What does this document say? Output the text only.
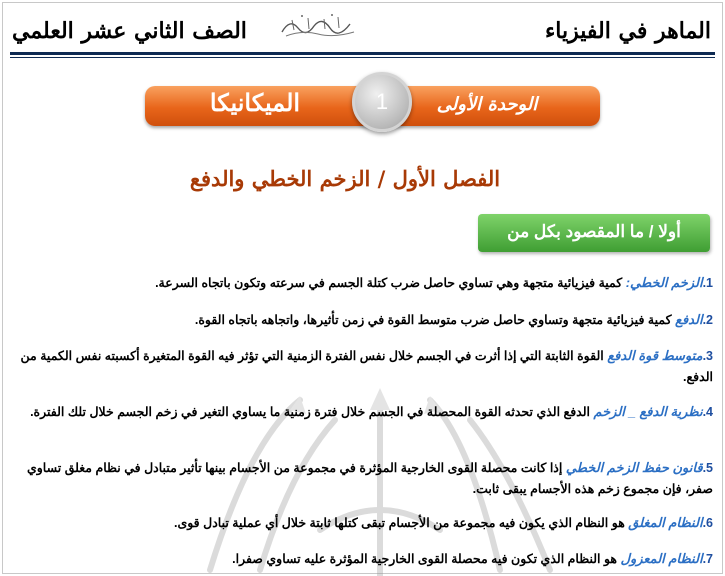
الماهر في الفيزياء
الصف الثاني عشر العلمي
الميكانيكا	1	الوحدة الأولى
الفصل الأول / الزخم الخطي والدفع
أولا / ما المقصود بكل من
1.الزخم الخطي: كمية فيزيائية متجهة وهي تساوي حاصل ضرب كتلة الجسم في سرعته وتكون باتجاه السرعة.
2.الدفع كمية فيزيائية متجهة وتساوي حاصل ضرب متوسط القوة في زمن تأثيرها، واتجاهه باتجاه القوة.
3.متوسط قوة الدفع القوة الثابتة التي إذا أثرت في الجسم خلال نفس الفترة الزمنية التي تؤثر فيه القوة المتغيرة أكسبته نفس الكمية من الدفع.
4.نظرية الدفع _ الزخم الدفع الذي تحدثه القوة المحصلة في الجسم خلال فترة زمنية ما يساوي التغير في زخم الجسم خلال تلك الفترة.
5.قانون حفظ الزخم الخطي إذا كانت محصلة القوى الخارجية المؤثرة في مجموعة من الأجسام بينها تأثير متبادل في نظام مغلق تساوي صفر، فإن مجموع زخم هذه الأجسام يبقى ثابت.
6.النظام المغلق هو النظام الذي يكون فيه مجموعة من الأجسام تبقى كتلها ثابتة خلال أي عملية تبادل قوى.
7.النظام المعزول هو النظام الذي تكون فيه محصلة القوى الخارجية المؤثرة عليه تساوي صفرا.
